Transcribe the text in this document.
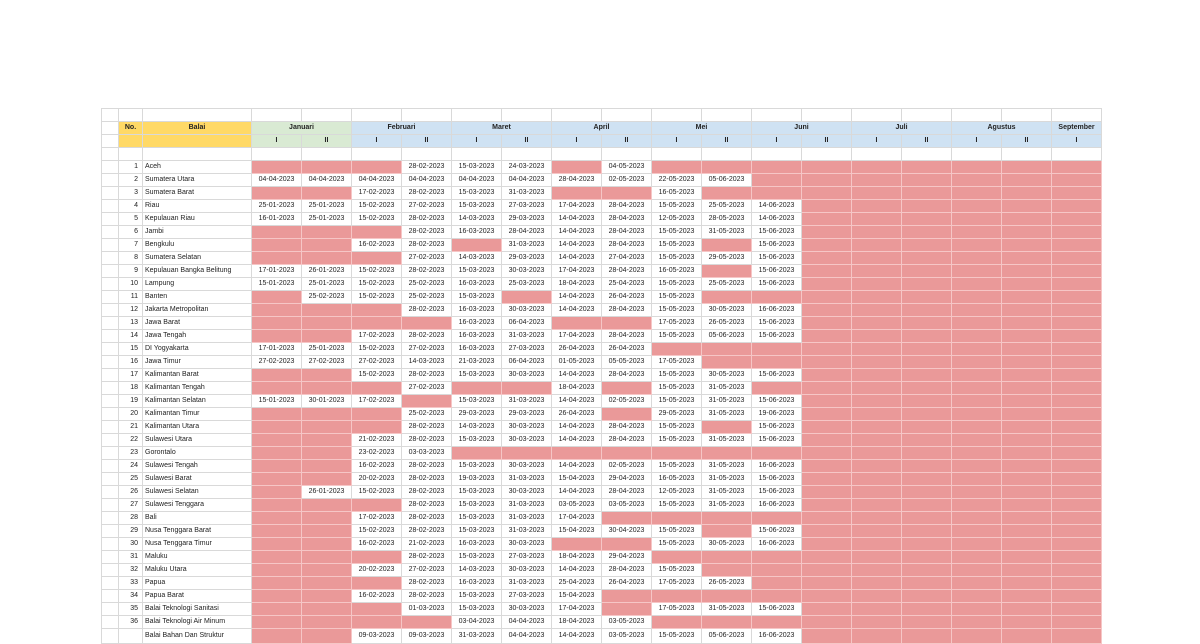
	No.	Balai	Januari		Februari		Maret		April		Mei		Juni		Juli		Agustus		September
			I	II	I	II	I	II	I	II	I	II	I	II	I	II	I	II	I

	1	Aceh				28-02-2023	15-03-2023	24-03-2023		04-05-2023									
	2	Sumatera Utara	04-04-2023	04-04-2023	04-04-2023	04-04-2023	04-04-2023	04-04-2023	28-04-2023	02-05-2023	22-05-2023	05-06-2023							
	3	Sumatera Barat			17-02-2023	28-02-2023	15-03-2023	31-03-2023			16-05-2023								
	4	Riau	25-01-2023	25-01-2023	15-02-2023	27-02-2023	15-03-2023	27-03-2023	17-04-2023	28-04-2023	15-05-2023	25-05-2023	14-06-2023						
	5	Kepulauan Riau	16-01-2023	25-01-2023	15-02-2023	28-02-2023	14-03-2023	29-03-2023	14-04-2023	28-04-2023	12-05-2023	28-05-2023	14-06-2023						
	6	Jambi				28-02-2023	16-03-2023	28-04-2023	14-04-2023	28-04-2023	15-05-2023	31-05-2023	15-06-2023						
	7	Bengkulu			16-02-2023	28-02-2023		31-03-2023	14-04-2023	28-04-2023	15-05-2023		15-06-2023						
	8	Sumatera Selatan				27-02-2023	14-03-2023	29-03-2023	14-04-2023	27-04-2023	15-05-2023	29-05-2023	15-06-2023						
	9	Kepulauan Bangka Belitung	17-01-2023	26-01-2023	15-02-2023	28-02-2023	15-03-2023	30-03-2023	17-04-2023	28-04-2023	16-05-2023		15-06-2023						
	10	Lampung	15-01-2023	25-01-2023	15-02-2023	25-02-2023	16-03-2023	25-03-2023	18-04-2023	25-04-2023	15-05-2023	25-05-2023	15-06-2023						
	11	Banten		25-02-2023	15-02-2023	25-02-2023	15-03-2023		14-04-2023	26-04-2023	15-05-2023								
	12	Jakarta Metropolitan				28-02-2023	16-03-2023	30-03-2023	14-04-2023	28-04-2023	15-05-2023	30-05-2023	16-06-2023						
	13	Jawa Barat					16-03-2023	06-04-2023			17-05-2023	26-05-2023	15-06-2023						
	14	Jawa Tengah			17-02-2023	28-02-2023	16-03-2023	31-03-2023	17-04-2023	28-04-2023	15-05-2023	05-06-2023	15-06-2023						
	15	DI Yogyakarta	17-01-2023	25-01-2023	15-02-2023	27-02-2023	16-03-2023	27-03-2023	26-04-2023	26-04-2023									
	16	Jawa Timur	27-02-2023	27-02-2023	27-02-2023	14-03-2023	21-03-2023	06-04-2023	01-05-2023	05-05-2023	17-05-2023								
	17	Kalimantan Barat			15-02-2023	28-02-2023	15-03-2023	30-03-2023	14-04-2023	28-04-2023	15-05-2023	30-05-2023	15-06-2023						
	18	Kalimantan Tengah				27-02-2023			18-04-2023		15-05-2023	31-05-2023							
	19	Kalimantan Selatan	15-01-2023	30-01-2023	17-02-2023		15-03-2023	31-03-2023	14-04-2023	02-05-2023	15-05-2023	31-05-2023	15-06-2023						
	20	Kalimantan Timur				25-02-2023	29-03-2023	29-03-2023	26-04-2023		29-05-2023	31-05-2023	19-06-2023						
	21	Kalimantan Utara				28-02-2023	14-03-2023	30-03-2023	14-04-2023	28-04-2023	15-05-2023		15-06-2023						
	22	Sulawesi Utara			21-02-2023	28-02-2023	15-03-2023	30-03-2023	14-04-2023	28-04-2023	15-05-2023	31-05-2023	15-06-2023						
	23	Gorontalo			23-02-2023	03-03-2023													
	24	Sulawesi Tengah			16-02-2023	28-02-2023	15-03-2023	30-03-2023	14-04-2023	02-05-2023	15-05-2023	31-05-2023	16-06-2023						
	25	Sulawesi Barat			20-02-2023	28-02-2023	19-03-2023	31-03-2023	15-04-2023	29-04-2023	16-05-2023	31-05-2023	15-06-2023						
	26	Sulawesi Selatan		26-01-2023	15-02-2023	28-02-2023	15-03-2023	30-03-2023	14-04-2023	28-04-2023	12-05-2023	31-05-2023	15-06-2023						
	27	Sulawesi Tenggara				28-02-2023	15-03-2023	31-03-2023	03-05-2023	03-05-2023	15-05-2023	31-05-2023	16-06-2023						
	28	Bali			17-02-2023	28-02-2023	15-03-2023	31-03-2023	17-04-2023										
	29	Nusa Tenggara Barat			15-02-2023	28-02-2023	15-03-2023	31-03-2023	15-04-2023	30-04-2023	15-05-2023		15-06-2023						
	30	Nusa Tenggara Timur			16-02-2023	21-02-2023	16-03-2023	30-03-2023			15-05-2023	30-05-2023	16-06-2023						
	31	Maluku				28-02-2023	15-03-2023	27-03-2023	18-04-2023	29-04-2023									
	32	Maluku Utara			20-02-2023	27-02-2023	14-03-2023	30-03-2023	14-04-2023	28-04-2023	15-05-2023								
	33	Papua				28-02-2023	16-03-2023	31-03-2023	25-04-2023	26-04-2023	17-05-2023	26-05-2023							
	34	Papua Barat			16-02-2023	28-02-2023	15-03-2023	27-03-2023	15-04-2023										
	35	Balai Teknologi Sanitasi				01-03-2023	15-03-2023	30-03-2023	17-04-2023		17-05-2023	31-05-2023	15-06-2023						
	36	Balai Teknologi Air Minum					03-04-2023	04-04-2023	18-04-2023	03-05-2023									
		Balai Bahan Dan Struktur			09-03-2023	09-03-2023	31-03-2023	04-04-2023	14-04-2023	03-05-2023	15-05-2023	05-06-2023	16-06-2023						
